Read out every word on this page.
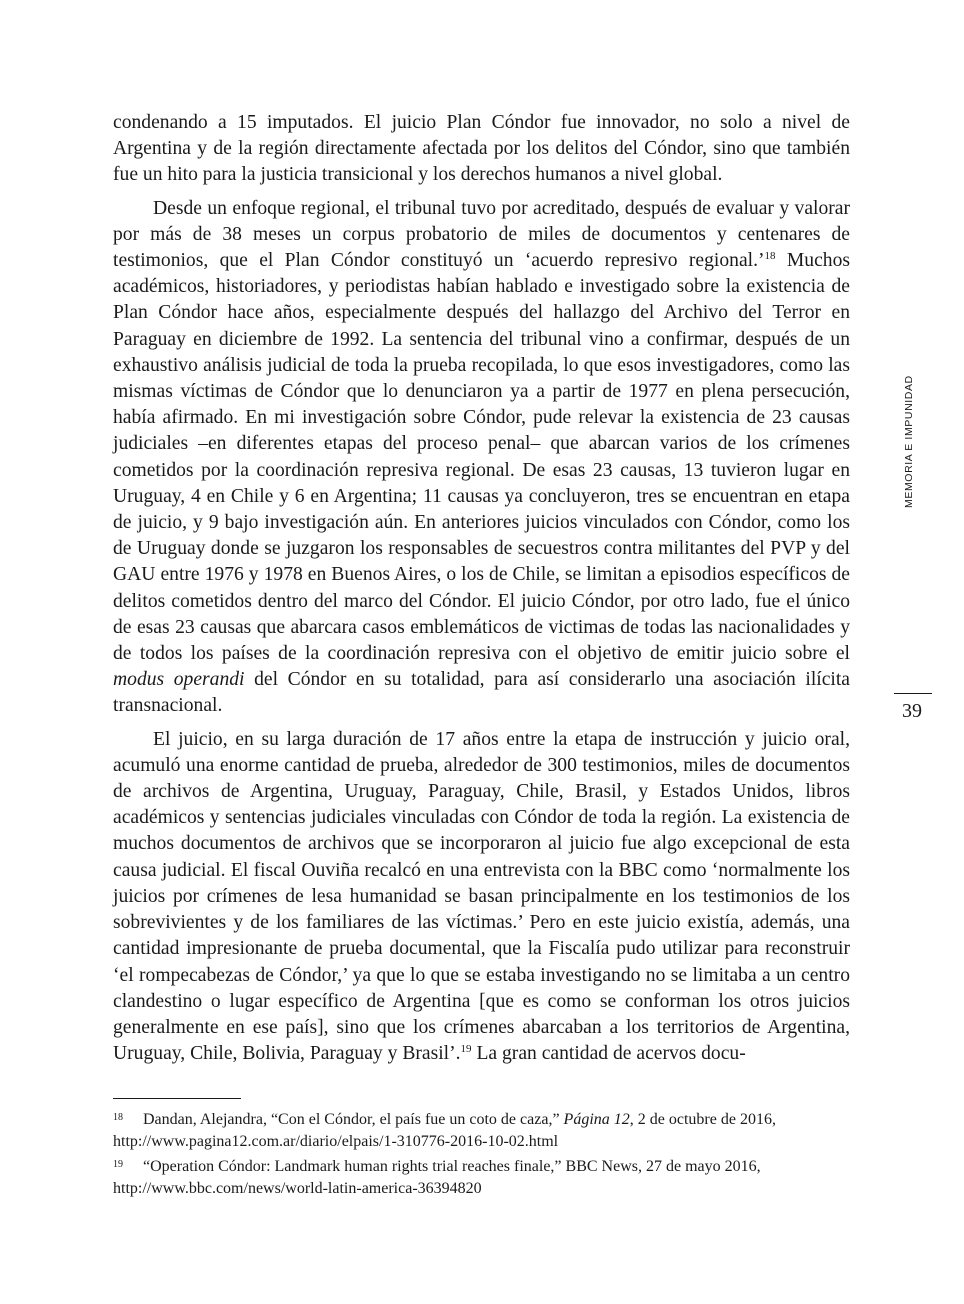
condenando a 15 imputados. El juicio Plan Cóndor fue innovador, no solo a nivel de Argentina y de la región directamente afectada por los delitos del Cóndor, sino que también fue un hito para la justicia transicional y los derechos humanos a nivel global.

Desde un enfoque regional, el tribunal tuvo por acreditado, después de evaluar y valorar por más de 38 meses un corpus probatorio de miles de documentos y centenares de testimonios, que el Plan Cóndor constituyó un ‘acuerdo represivo regional.’$^{18}$ Muchos académicos, historiadores, y periodistas habían hablado e investigado sobre la existencia de Plan Cóndor hace años, especialmente después del hallazgo del Archivo del Terror en Paraguay en diciembre de 1992. La sentencia del tribunal vino a confirmar, después de un exhaustivo análisis judicial de toda la prueba recopilada, lo que esos investigadores, como las mismas víctimas de Cóndor que lo denunciaron ya a partir de 1977 en plena persecución, había afirmado. En mi investigación sobre Cóndor, pude relevar la existencia de 23 causas judiciales –en diferentes etapas del proceso penal– que abarcan varios de los crímenes cometidos por la coordinación represiva regional. De esas 23 causas, 13 tuvieron lugar en Uruguay, 4 en Chile y 6 en Argentina; 11 causas ya concluyeron, tres se encuentran en etapa de juicio, y 9 bajo investigación aún. En anteriores juicios vinculados con Cóndor, como los de Uruguay donde se juzgaron los responsables de secuestros contra militantes del PVP y del GAU entre 1976 y 1978 en Buenos Aires, o los de Chile, se limitan a episodios específicos de delitos cometidos dentro del marco del Cóndor. El juicio Cóndor, por otro lado, fue el único de esas 23 causas que abarcara casos emblemáticos de victimas de todas las nacionalidades y de todos los países de la coordinación represiva con el objetivo de emitir juicio sobre el modus operandi del Cóndor en su totalidad, para así considerarlo una asociación ilícita transnacional.

El juicio, en su larga duración de 17 años entre la etapa de instrucción y juicio oral, acumuló una enorme cantidad de prueba, alrededor de 300 testimonios, miles de documentos de archivos de Argentina, Uruguay, Paraguay, Chile, Brasil, y Estados Unidos, libros académicos y sentencias judiciales vinculadas con Cóndor de toda la región. La existencia de muchos documentos de archivos que se incorporaron al juicio fue algo excepcional de esta causa judicial. El fiscal Ouviña recalcó en una entrevista con la BBC como ‘normalmente los juicios por crímenes de lesa humanidad se basan principalmente en los testimonios de los sobrevivientes y de los familiares de las víctimas.’ Pero en este juicio existía, además, una cantidad impresionante de prueba documental, que la Fiscalía pudo utilizar para reconstruir ‘el rompecabezas de Cóndor,’ ya que lo que se estaba investigando no se limitaba a un centro clandestino o lugar específico de Argentina [que es como se conforman los otros juicios generalmente en ese país], sino que los crímenes abarcaban a los territorios de Argentina, Uruguay, Chile, Bolivia, Paraguay y Brasil’.$^{19}$ La gran cantidad de acervos docu-

18 Dandan, Alejandra, “Con el Cóndor, el país fue un coto de caza,” Página 12, 2 de octubre de 2016, http://www.pagina12.com.ar/diario/elpais/1-310776-2016-10-02.html

19 “Operation Cóndor: Landmark human rights trial reaches finale,” BBC News, 27 de mayo 2016, http://www.bbc.com/news/world-latin-america-36394820

MEMORIA E IMPUNIDAD
39
